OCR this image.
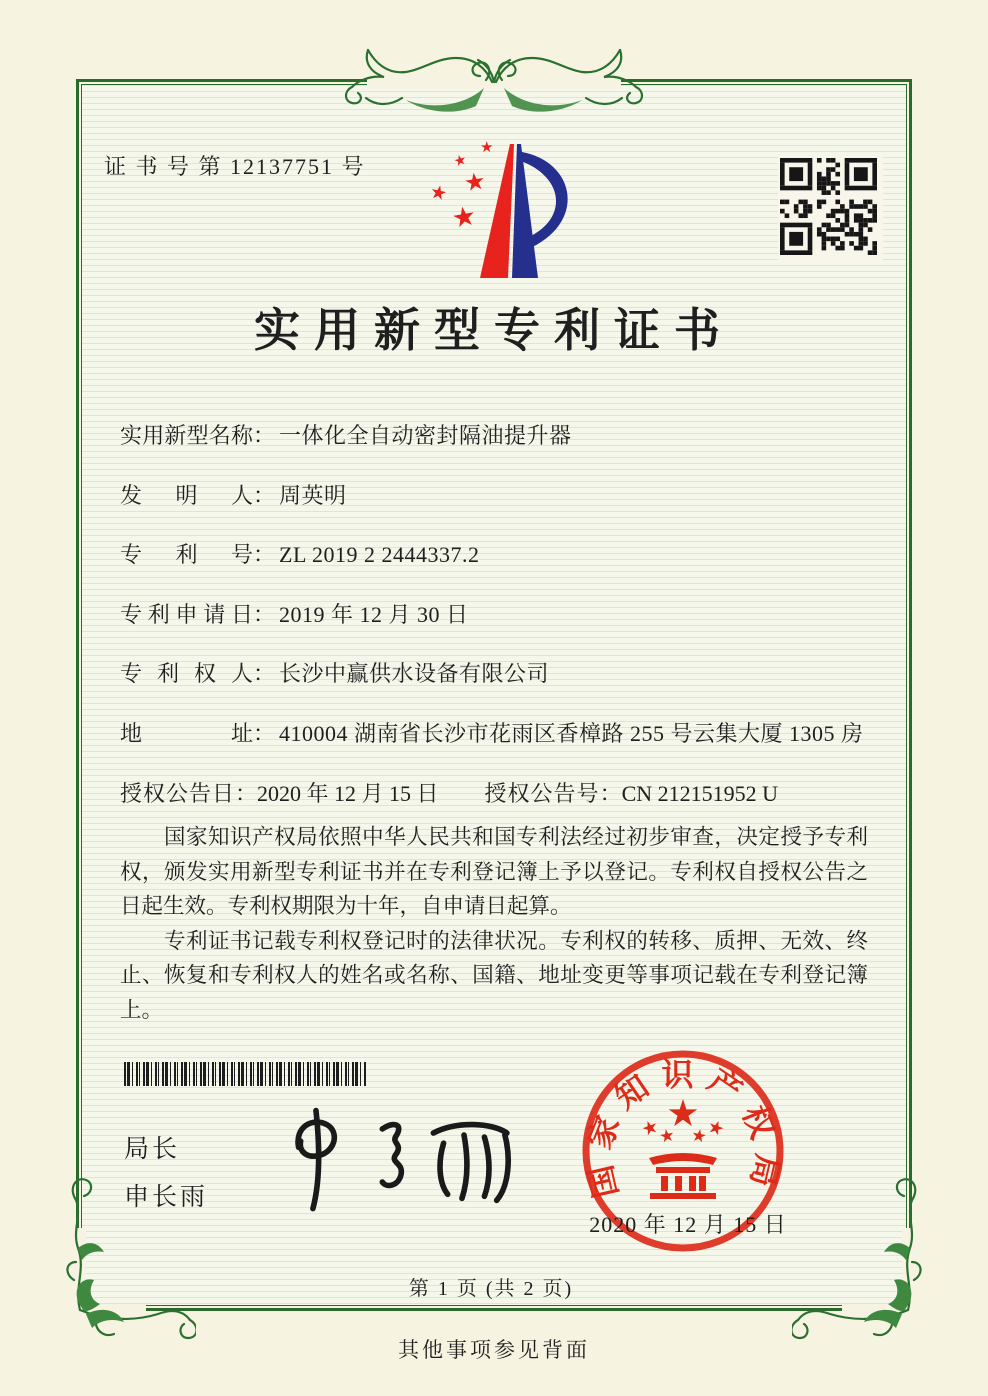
证 书 号 第 12137751 号
★
★
★
★
★
实用新型专利证书
实用新型名称 ： 一体化全自动密封隔油提升器
发明人 ： 周英明
专利号 ： ZL 2019 2 2444337.2
专利申请日 ： 2019 年 12 月 30 日
专利权人 ： 长沙中赢供水设备有限公司
地址 ： 410004 湖南省长沙市花雨区香樟路 255 号云集大厦 1305 房
授权公告日 ： 2020 年 12 月 15 日 授权公告号 ： CN 212151952 U

国家知识产权局依照中华人民共和国专利法经过初步审查，决定授予专利权，颁发实用新型专利证书并在专利登记簿上予以登记。专利权自授权公告之日起生效。专利权期限为十年，自申请日起算。

专利证书记载专利权登记时的法律状况。专利权的转移、质押、无效、终止、恢复和专利权人的姓名或名称、国籍、地址变更等事项记载在专利登记簿上。

局长
申长雨	国家知识产权局
2020 年 12 月 15 日
第 1 页 (共 2 页)
其他事项参见背面
